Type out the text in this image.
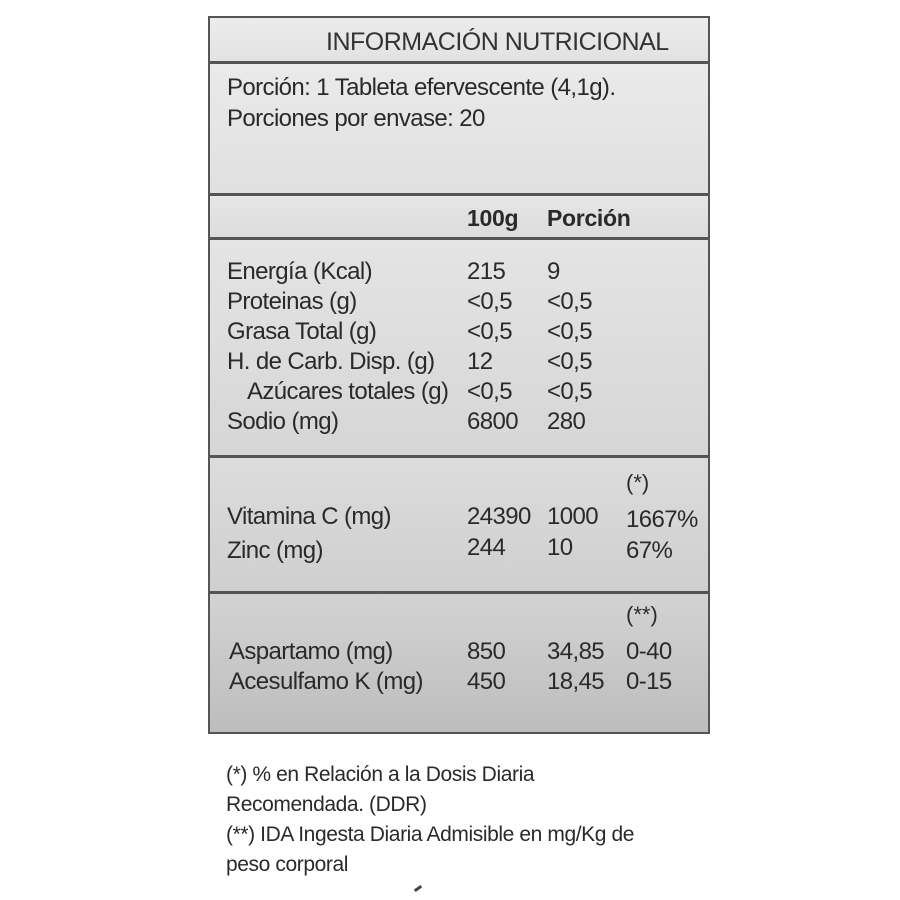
INFORMACIÓN NUTRICIONAL
Porción: 1 Tableta efervescente (4,1g).
Porciones por envase: 20
100g Porción
Energía (Kcal)	215 9
Proteinas (g)	<0,5 <0,5
Grasa Total (g)	<0,5 <0,5
H. de Carb. Disp. (g) 12 <0,5
Azúcares totales (g) <0,5 <0,5
Sodio (mg)	6800 280
(*)
Vitamina C (mg)	24390 1000 1667%
Zinc (mg)	244 10 67%
(**)
Aspartamo (mg)	850 34,85 0-40
Acesulfamo K (mg) 450 18,45 0-15
(*) % en Relación a la Dosis Diaria
Recomendada. (DDR)
(**) IDA Ingesta Diaria Admisible en mg/Kg de
peso corporal
